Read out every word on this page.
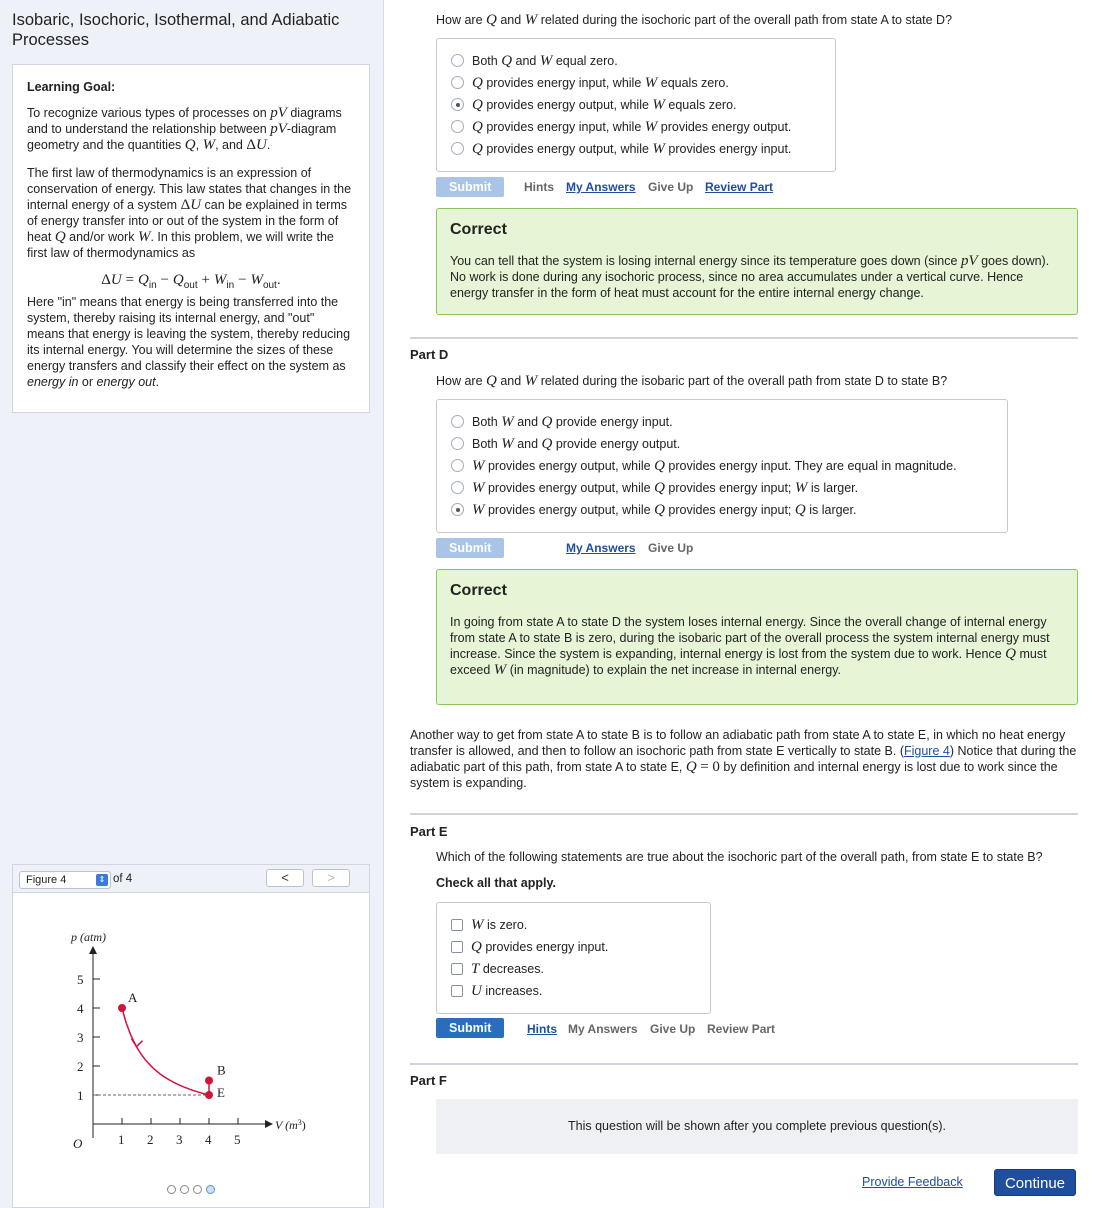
Isobaric, Isochoric, Isothermal, and Adiabatic Processes
Learning Goal:

To recognize various types of processes on pV diagrams and to understand the relationship between pV-diagram geometry and the quantities Q, W, and ΔU.

The first law of thermodynamics is an expression of conservation of energy. This law states that changes in the internal energy of a system ΔU can be explained in terms of energy transfer into or out of the system in the form of heat Q and/or work W. In this problem, we will write the first law of thermodynamics as

$\Delta U = Q_{in} - Q_{out} + W_{in} - W_{out}$.

Here "in" means that energy is being transferred into the system, thereby raising its internal energy, and "out" means that energy is leaving the system, thereby reducing its internal energy. You will determine the sizes of these energy transfers and classify their effect on the system as energy in or energy out.

Figure 4	⇕ of 4	<	>
p (atm)
V $(m^3)$
O
5
4
3
2
1
1 2 3 4 5
A
B
E
How are Q and W related during the isochoric part of the overall path from state A to state D?
Both Q and W equal zero.
Q provides energy input, while W equals zero.
Q provides energy output, while W equals zero.
Q provides energy input, while W provides energy output.
Q provides energy output, while W provides energy input.
Submit	Hints My Answers Give Up Review Part
Correct

You can tell that the system is losing internal energy since its temperature goes down (since pV goes down). No work is done during any isochoric process, since no area accumulates under a vertical curve. Hence energy transfer in the form of heat must account for the entire internal energy change.

Part D
How are Q and W related during the isobaric part of the overall path from state D to state B?
Both W and Q provide energy input.
Both W and Q provide energy output.
W provides energy output, while Q provides energy input. They are equal in magnitude.
W provides energy output, while Q provides energy input; W is larger.
W provides energy output, while Q provides energy input; Q is larger.
Submit	My Answers Give Up
Correct

In going from state A to state D the system loses internal energy. Since the overall change of internal energy from state A to state B is zero, during the isobaric part of the overall process the system internal energy must increase. Since the system is expanding, internal energy is lost from the system due to work. Hence Q must exceed W (in magnitude) to explain the net increase in internal energy.

Another way to get from state A to state B is to follow an adiabatic path from state A to state E, in which no heat energy transfer is allowed, and then to follow an isochoric path from state E vertically to state B. (Figure 4) Notice that during the adiabatic part of this path, from state A to state E, Q = 0 by definition and internal energy is lost due to work since the system is expanding.
Part E
Which of the following statements are true about the isochoric part of the overall path, from state E to state B?
Check all that apply.
W is zero.
Q provides energy input.
T decreases.
U increases.
Submit	Hints My Answers Give Up Review Part
Part F
This question will be shown after you complete previous question(s).
Provide Feedback	Continue
